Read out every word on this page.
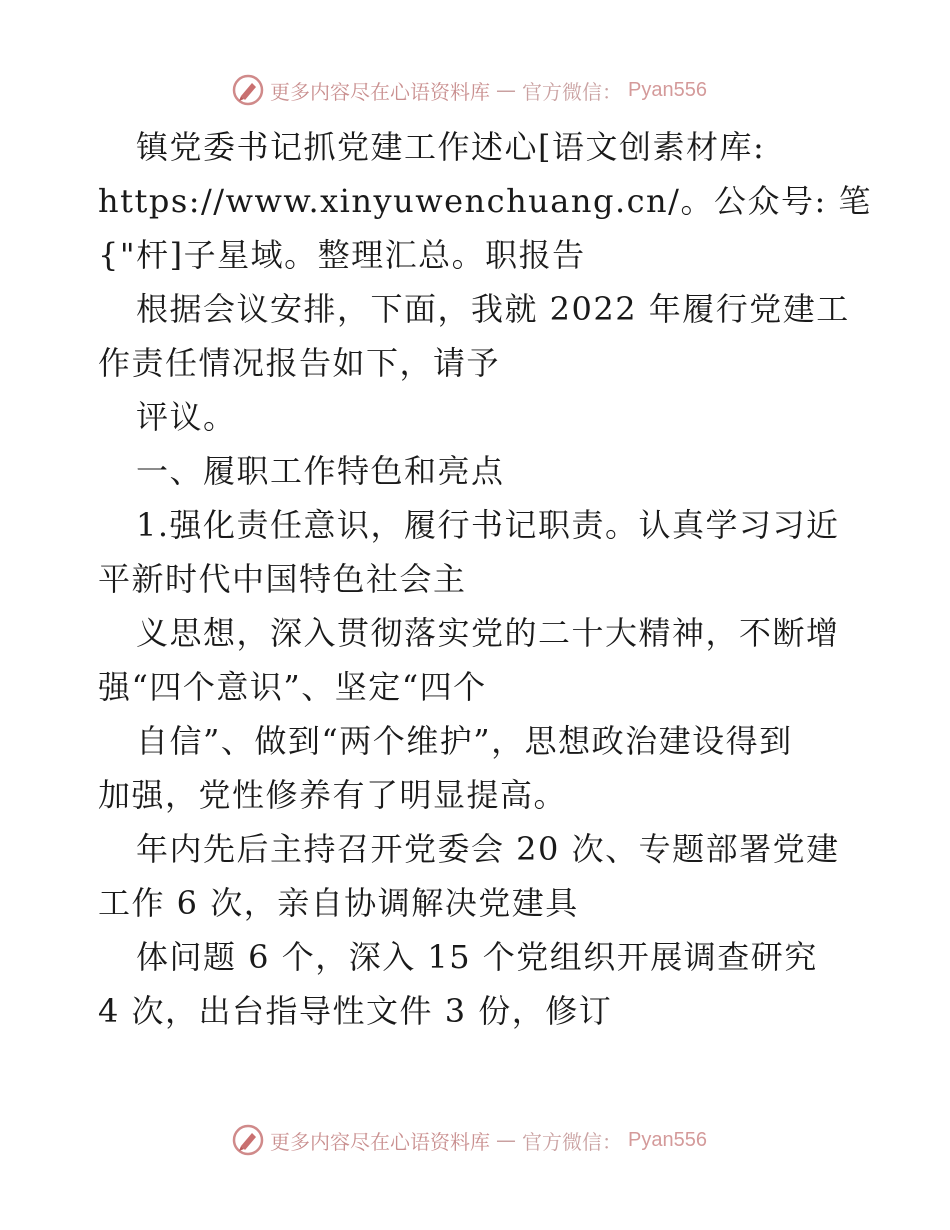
更多内容尽在心语资料库 — 官方微信： Pyan556
镇党委书记抓党建工作述心[语文创素材库:
https://www.xinyuwenchuang.cn/。公众号: 笔
{"杆]子星域。整理汇总。职报告
根据会议安排，下面，我就 2022 年履行党建工
作责任情况报告如下，请予
评议。
一、履职工作特色和亮点
1.强化责任意识，履行书记职责。认真学习习近
平新时代中国特色社会主
义思想，深入贯彻落实党的二十大精神，不断增
强“四个意识”、坚定“四个
自信”、做到“两个维护”，思想政治建设得到
加强，党性修养有了明显提高。
年内先后主持召开党委会 20 次、专题部署党建
工作 6 次，亲自协调解决党建具
体问题 6 个，深入 15 个党组织开展调查研究
4 次，出台指导性文件 3 份，修订
更多内容尽在心语资料库 — 官方微信： Pyan556
